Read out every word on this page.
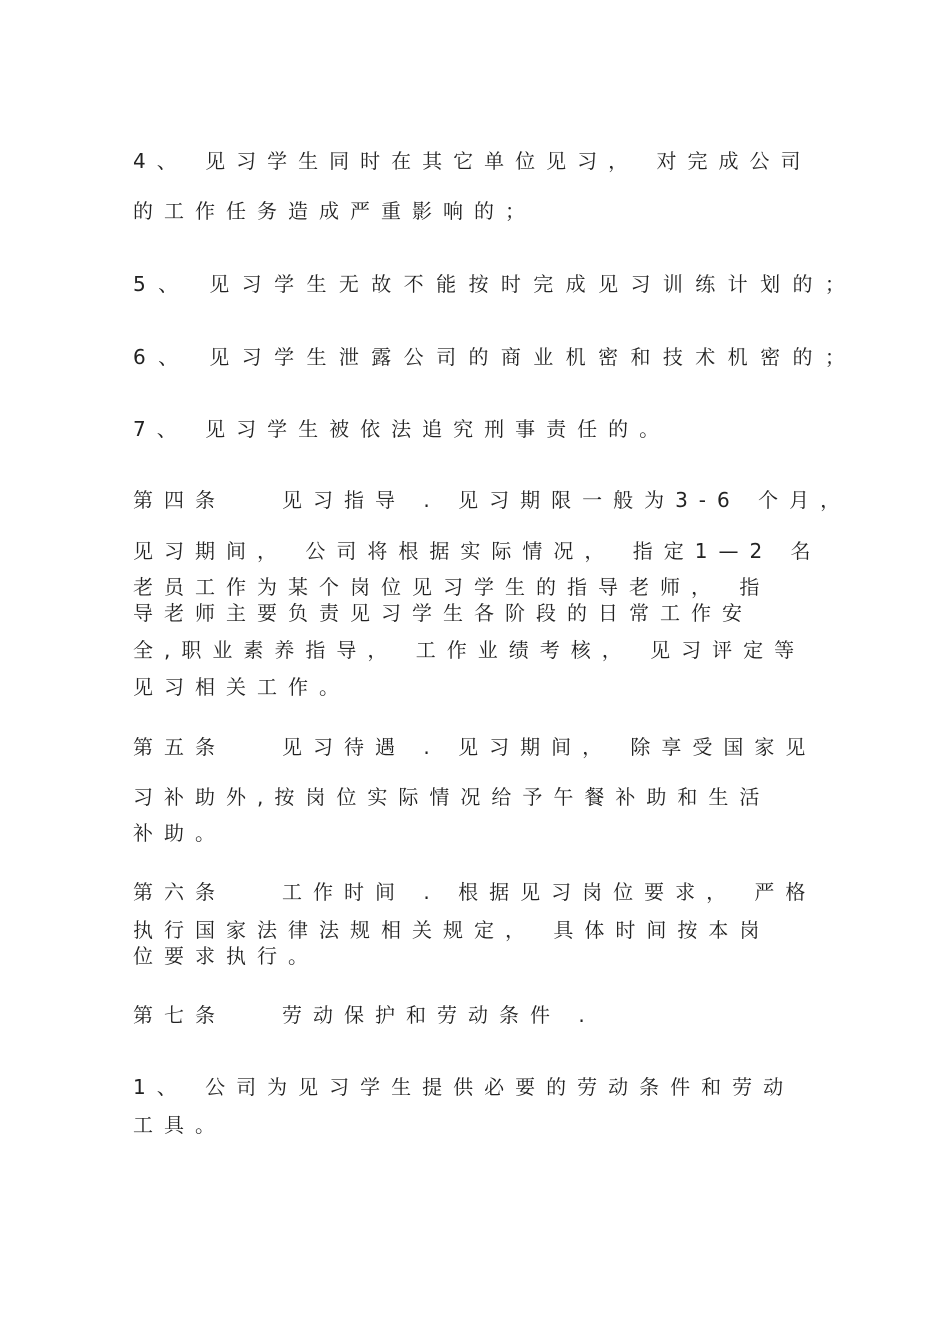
4、 见习学生同时在其它单位见习， 对完成公司
的工作任务造成严重影响的；
5、 见习学生无故不能按时完成见习训练计划的；
6、 见习学生泄露公司的商业机密和技术机密的；
7、 见习学生被依法追究刑事责任的。
第四条	见习指导 . 见习期限一般为3-6 个月，
见习期间， 公司将根据实际情况， 指定1—2 名
老员工作为某个岗位见习学生的指导老师， 指
导老师主要负责见习学生各阶段的日常工作安
全,职业素养指导， 工作业绩考核， 见习评定等
见习相关工作。
第五条	见习待遇 . 见习期间， 除享受国家见
习补助外,按岗位实际情况给予午餐补助和生活
补助。
第六条	工作时间 . 根据见习岗位要求， 严格
执行国家法律法规相关规定， 具体时间按本岗
位要求执行。
第七条	劳动保护和劳动条件 .
1、 公司为见习学生提供必要的劳动条件和劳动
工具。
